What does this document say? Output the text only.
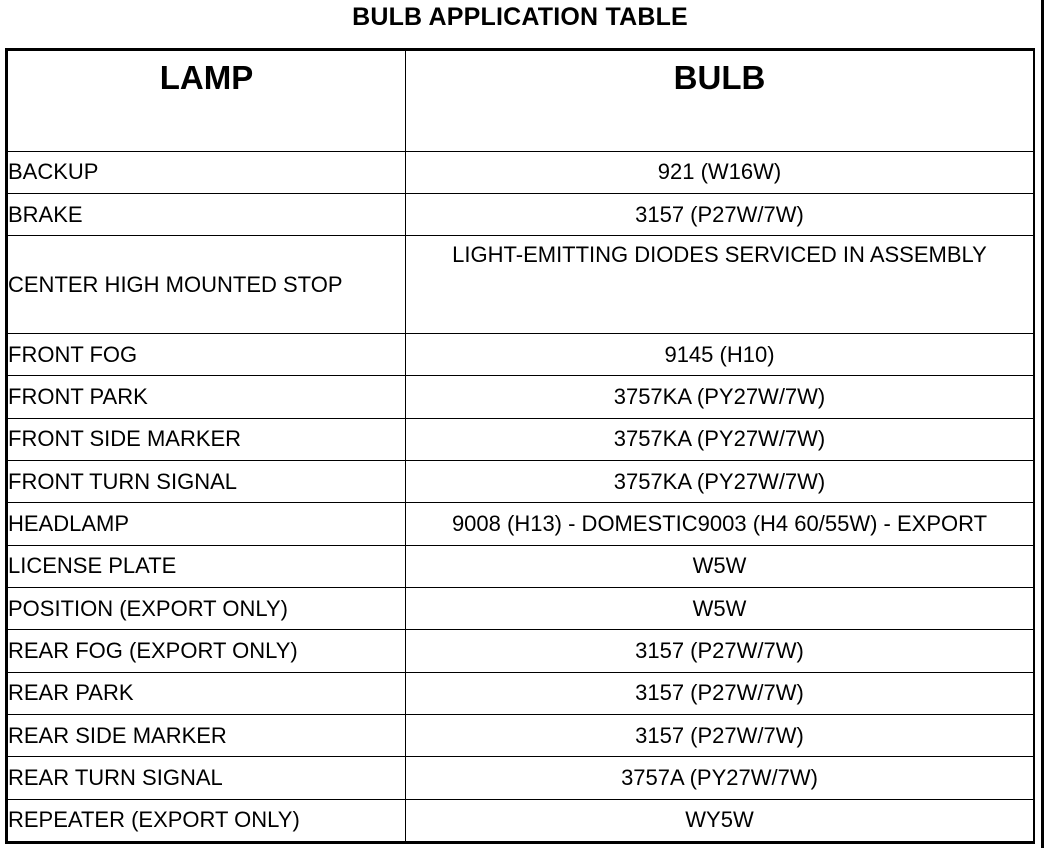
BULB APPLICATION TABLE
LAMP	BULB
BACKUP	921 (W16W)
BRAKE	3157 (P27W/7W)
CENTER HIGH MOUNTED STOP	LIGHT-EMITTING DIODES SERVICED IN ASSEMBLY
FRONT FOG	9145 (H10)
FRONT PARK	3757KA (PY27W/7W)
FRONT SIDE MARKER	3757KA (PY27W/7W)
FRONT TURN SIGNAL	3757KA (PY27W/7W)
HEADLAMP	9008 (H13) - DOMESTIC9003 (H4 60/55W) - EXPORT
LICENSE PLATE	W5W
POSITION (EXPORT ONLY)	W5W
REAR FOG (EXPORT ONLY)	3157 (P27W/7W)
REAR PARK	3157 (P27W/7W)
REAR SIDE MARKER	3157 (P27W/7W)
REAR TURN SIGNAL	3757A (PY27W/7W)
REPEATER (EXPORT ONLY)	WY5W
